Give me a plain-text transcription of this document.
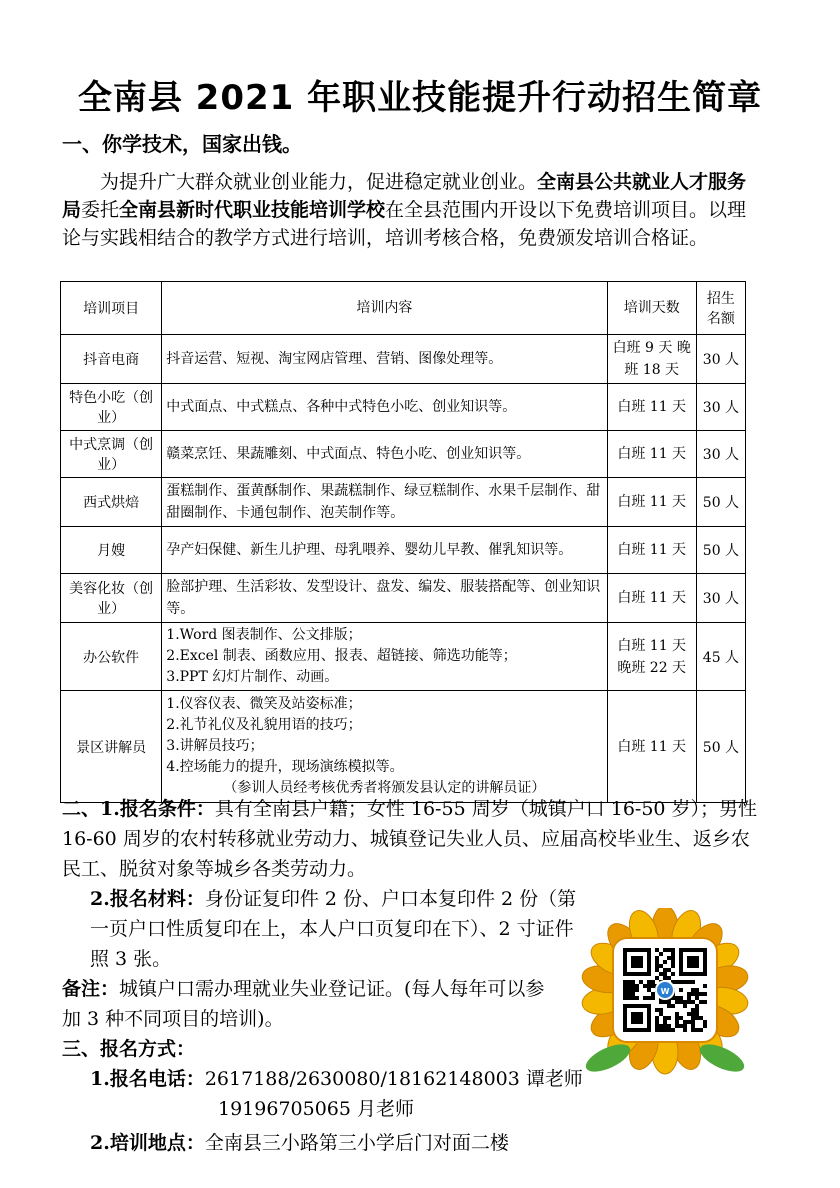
全南县 2021 年职业技能提升行动招生简章
一、你学技术，国家出钱。

为提升广大群众就业创业能力，促进稳定就业创业。全南县公共就业人才服务局委托全南县新时代职业技能培训学校在全县范围内开设以下免费培训项目。以理论与实践相结合的教学方式进行培训，培训考核合格，免费颁发培训合格证。

培训项目	培训内容	培训天数	招生名额
抖音电商	抖音运营、短视、淘宝网店管理、营销、图像处理等。	白班 9 天 晚班 18 天	30 人
特色小吃（创业）	中式面点、中式糕点、各种中式特色小吃、创业知识等。	白班 11 天	30 人
中式烹调（创业）	赣菜烹饪、果蔬雕刻、中式面点、特色小吃、创业知识等。	白班 11 天	30 人
西式烘焙	蛋糕制作、蛋黄酥制作、果蔬糕制作、绿豆糕制作、水果千层制作、甜甜圈制作、卡通包制作、泡芙制作等。	白班 11 天	50 人
月嫂	孕产妇保健、新生儿护理、母乳喂养、婴幼儿早教、催乳知识等。	白班 11 天	50 人
美容化妆（创业）	脸部护理、生活彩妆、发型设计、盘发、编发、服装搭配等、创业知识等。	白班 11 天	30 人
办公软件	1.Word 图表制作、公文排版；
2.Excel 制表、函数应用、报表、超链接、筛选功能等；
3.PPT 幻灯片制作、动画。	白班 11 天 晚班 22 天	45 人
景区讲解员	1.仪容仪表、微笑及站姿标准；
2.礼节礼仪及礼貌用语的技巧；
3.讲解员技巧；
4.控场能力的提升，现场演练模拟等。
（参训人员经考核优秀者将颁发县认定的讲解员证）	白班 11 天	50 人

二、1.报名条件：具有全南县户籍；女性 16-55 周岁（城镇户口 16-50 岁）；男性 16-60 周岁的农村转移就业劳动力、城镇登记失业人员、应届高校毕业生、返乡农民工、脱贫对象等城乡各类劳动力。

2.报名材料：身份证复印件 2 份、户口本复印件 2 份（第一页户口性质复印在上，本人户口页复印在下）、2 寸证件照 3 张。

备注：城镇户口需办理就业失业登记证。(每人每年可以参加 3 种不同项目的培训)。

三、报名方式：

1.报名电话：2617188/2630080/18162148003 谭老师

19196705065 月老师

2.培训地点：全南县三小路第三小学后门对面二楼

W
